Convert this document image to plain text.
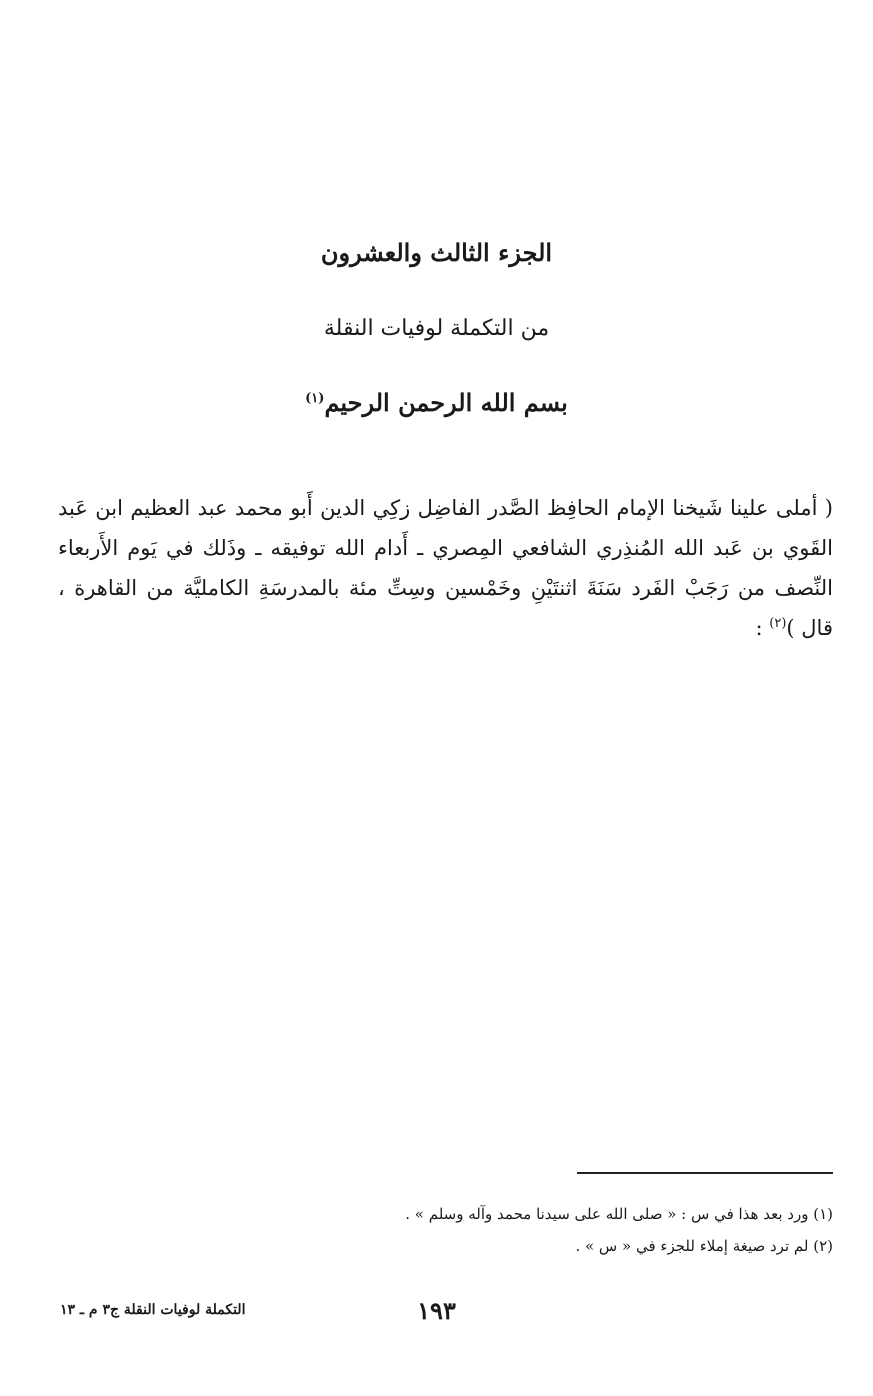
الجزء الثالث والعشرون
من التكملة لوفيات النقلة
بسم الله الرحمن الرحيم$^{(١)}$
( أملى علينا شَيخنا الإمام الحافِظ الصَّدر الفاضِل زكِي الدين أَبو محمد عبد العظيم ابن عَبد القَوي بن عَبد الله المُنذِري الشافعي المِصري ـ أَدام الله توفيقه ـ وذَلك في يَوم الأَربعاء النِّصف من رَجَبْ الفَرد سَنَةَ اثنتَيْنِ وخَمْسين وسِتِّ مئة بالمدرسَةِ الكامليَّة من القاهرة ، قال )$^{(٢)}$ :
(١) ورد بعد هذا في س : « صلى الله على سيدنا محمد وآله وسلم » .
(٢) لم ترد صيغة إملاء للجزء في « س » .
١٩٣
التكملة لوفيات النقلة ج٣ م ـ ١٣
